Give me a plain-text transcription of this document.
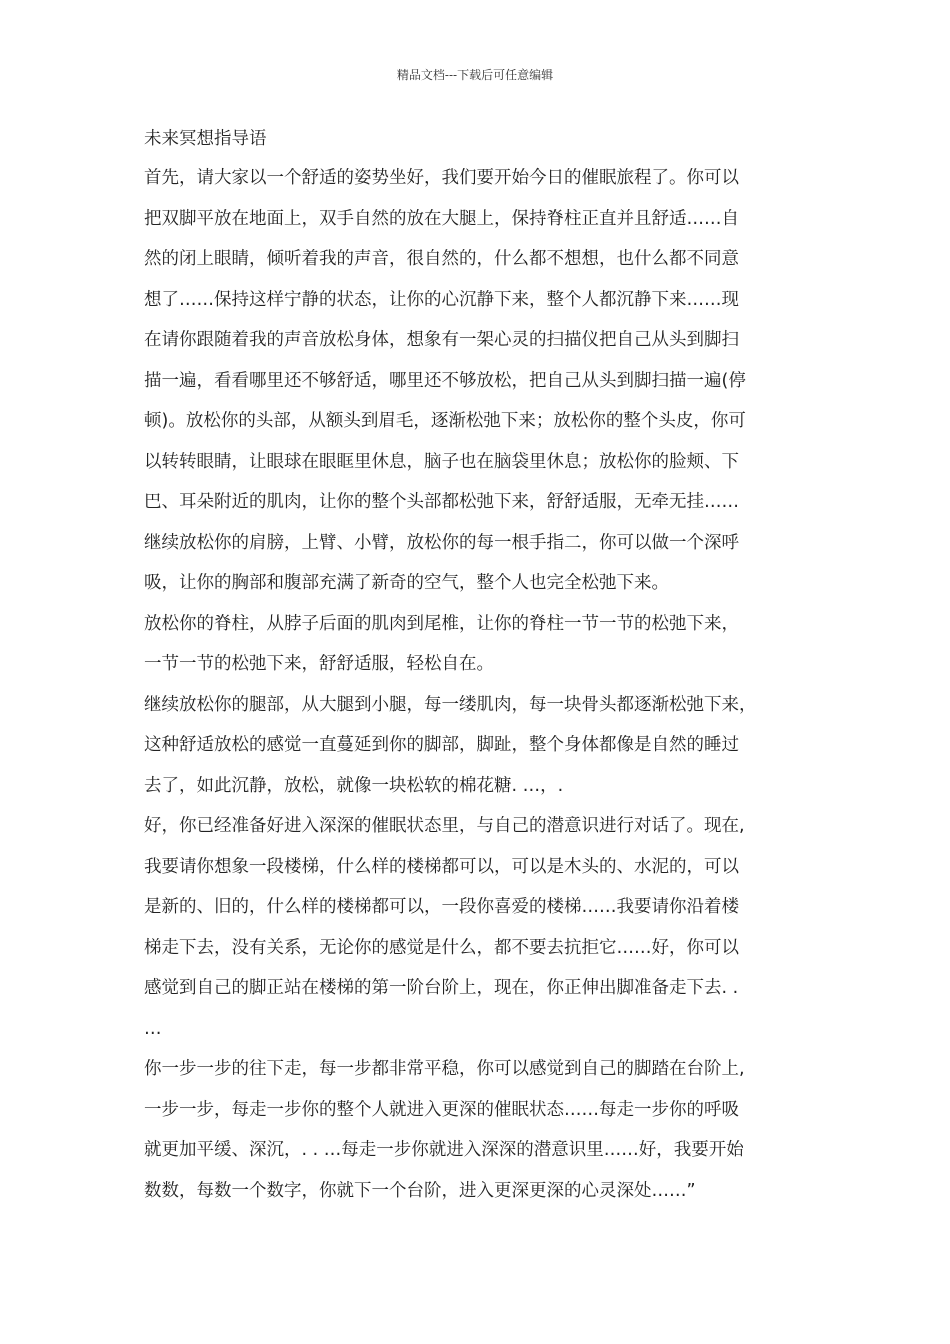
精品文档---下载后可任意编辑
未来冥想指导语
首先，请大家以一个舒适的姿势坐好，我们要开始今日的催眠旅程了。你可以
把双脚平放在地面上，双手自然的放在大腿上，保持脊柱正直并且舒适……自
然的闭上眼睛，倾听着我的声音，很自然的，什么都不想想，也什么都不同意
想了……保持这样宁静的状态，让你的心沉静下来，整个人都沉静下来……现
在请你跟随着我的声音放松身体，想象有一架心灵的扫描仪把自己从头到脚扫
描一遍，看看哪里还不够舒适，哪里还不够放松，把自己从头到脚扫描一遍(停
顿)。放松你的头部，从额头到眉毛，逐渐松弛下来；放松你的整个头皮，你可
以转转眼睛，让眼球在眼眶里休息，脑子也在脑袋里休息；放松你的脸颊、下
巴、耳朵附近的肌肉，让你的整个头部都松弛下来，舒舒适服，无牵无挂……
继续放松你的肩膀，上臂、小臂，放松你的每一根手指二，你可以做一个深呼
吸，让你的胸部和腹部充满了新奇的空气，整个人也完全松弛下来。
放松你的脊柱，从脖子后面的肌肉到尾椎，让你的脊柱一节一节的松弛下来，
一节一节的松弛下来，舒舒适服，轻松自在。
继续放松你的腿部，从大腿到小腿，每一缕肌肉，每一块骨头都逐渐松弛下来，
这种舒适放松的感觉一直蔓延到你的脚部，脚趾，整个身体都像是自然的睡过
去了，如此沉静，放松，就像一块松软的棉花糖. …，.
好，你已经准备好进入深深的催眠状态里，与自己的潜意识进行对话了。现在,
我要请你想象一段楼梯，什么样的楼梯都可以，可以是木头的、水泥的，可以
是新的、旧的，什么样的楼梯都可以，一段你喜爱的楼梯……我要请你沿着楼
梯走下去，没有关系，无论你的感觉是什么，都不要去抗拒它……好，你可以
感觉到自己的脚正站在楼梯的第一阶台阶上，现在，你正伸出脚准备走下去. .
…
你一步一步的往下走，每一步都非常平稳，你可以感觉到自己的脚踏在台阶上,
一步一步，每走一步你的整个人就进入更深的催眠状态……每走一步你的呼吸
就更加平缓、深沉，. . …每走一步你就进入深深的潜意识里……好，我要开始
数数，每数一个数字，你就下一个台阶，进入更深更深的心灵深处……”
